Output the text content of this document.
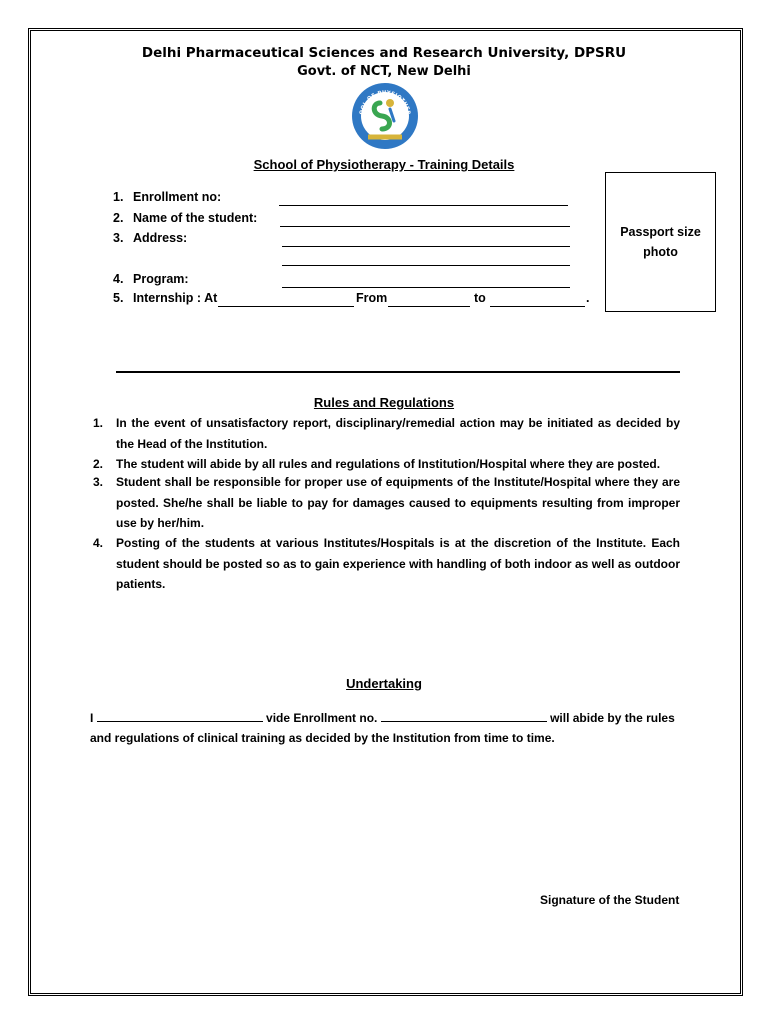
Delhi Pharmaceutical Sciences and Research University, DPSRU
Govt. of NCT, New Delhi
OOL OF PHYSIOTHER
School of Physiotherapy - Training Details
1. Enrollment no:
2. Name of the student:
3. Address:
4. Program:
5. Internship : At	From	to	.
Passport size
photo
Rules and Regulations
1. In the event of unsatisfactory report, disciplinary/remedial action may be initiated as decided by the Head of the Institution.
2. The student will abide by all rules and regulations of Institution/Hospital where they are posted.
3. Student shall be responsible for proper use of equipments of the Institute/Hospital where they are posted. She/he shall be liable to pay for damages caused to equipments resulting from improper use by her/him.
4. Posting of the students at various Institutes/Hospitals is at the discretion of the Institute. Each student should be posted so as to gain experience with handling of both indoor as well as outdoor patients.
Undertaking
I	vide Enrollment no.	will abide by the rules and regulations of clinical training as decided by the Institution from time to time.
Signature of the Student
